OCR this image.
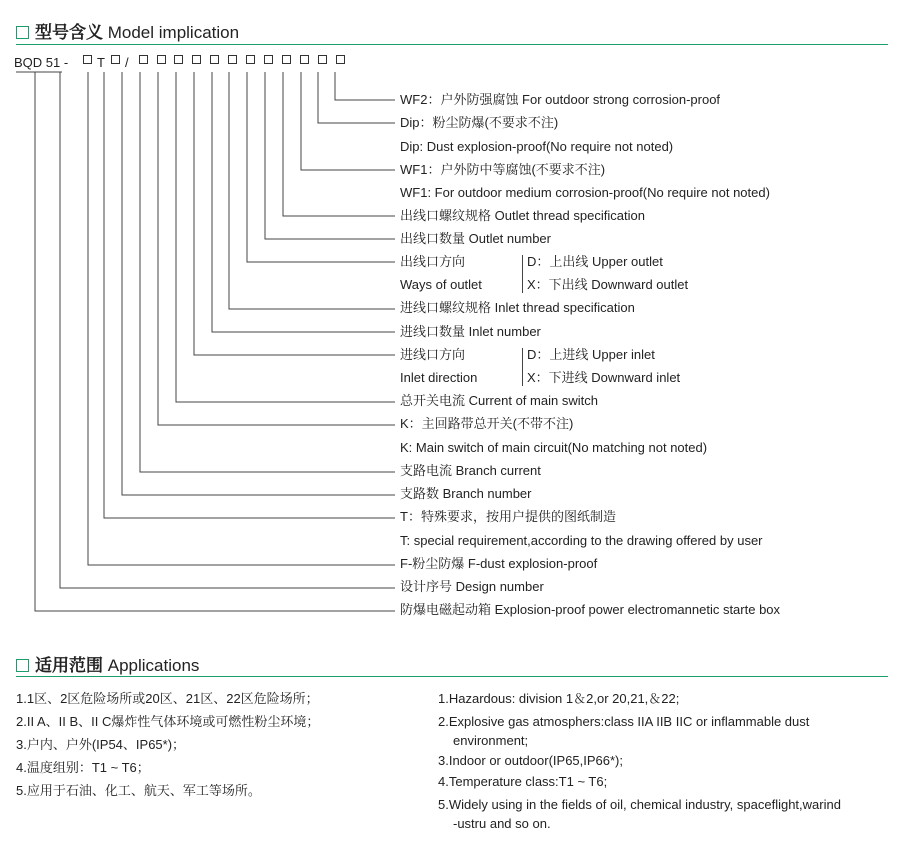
型号含义 Model implication
BQD 51 - T /
WF2：户外防强腐蚀 For outdoor strong corrosion-proof
Dip：粉尘防爆(不要求不注)
Dip: Dust explosion-proof(No require not noted)
WF1：户外防中等腐蚀(不要求不注)
WF1: For outdoor medium corrosion-proof(No require not noted)
出线口螺纹规格 Outlet thread specification
出线口数量 Outlet number
出线口方向
Ways of outlet
进线口螺纹规格 Inlet thread specification
进线口数量 Inlet number
进线口方向
Inlet direction
总开关电流 Current of main switch
K：主回路带总开关(不带不注)
K: Main switch of main circuit(No matching not noted)
支路电流 Branch current
支路数 Branch number
T：特殊要求，按用户提供的图纸制造
T: special requirement,according to the drawing offered by user
F-粉尘防爆 F-dust explosion-proof
设计序号 Design number
防爆电磁起动箱 Explosion-proof power electromannetic starte box
D：上出线 Upper outlet
X：下出线 Downward outlet
D：上进线 Upper inlet
X：下进线 Downward inlet
适用范围 Applications
1.1区、2区危险场所或20区、21区、22区危险场所；
2.II A、II B、II C爆炸性气体环境或可燃性粉尘环境；
3.户内、户外(IP54、IP65*)；
4.温度组别：T1 ~ T6；
5.应用于石油、化工、航天、军工等场所。
1.Hazardous: division 1＆2,or 20,21,＆22;
2.Explosive gas atmosphers:class IIA IIB IIC or inflammable dust
environment;
3.Indoor or outdoor(IP65,IP66*);
4.Temperature class:T1 ~ T6;
5.Widely using in the fields of oil, chemical industry, spaceflight,warind
-ustru and so on.
